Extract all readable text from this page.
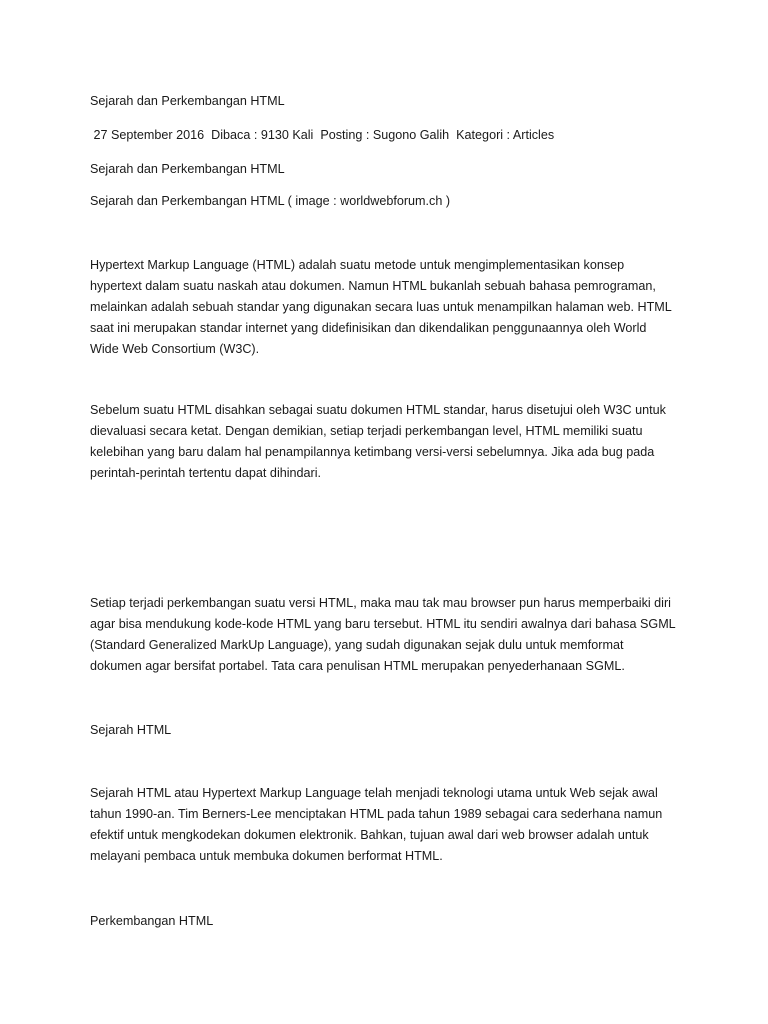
Sejarah dan Perkembangan HTML

27 September 2016  Dibaca : 9130 Kali  Posting : Sugono Galih  Kategori : Articles

Sejarah dan Perkembangan HTML

Sejarah dan Perkembangan HTML ( image : worldwebforum.ch )

Hypertext Markup Language (HTML) adalah suatu metode untuk mengimplementasikan konsep
hypertext dalam suatu naskah atau dokumen. Namun HTML bukanlah sebuah bahasa pemrograman,
melainkan adalah sebuah standar yang digunakan secara luas untuk menampilkan halaman web. HTML
saat ini merupakan standar internet yang didefinisikan dan dikendalikan penggunaannya oleh World
Wide Web Consortium (W3C).
Sebelum suatu HTML disahkan sebagai suatu dokumen HTML standar, harus disetujui oleh W3C untuk
dievaluasi secara ketat. Dengan demikian, setiap terjadi perkembangan level, HTML memiliki suatu
kelebihan yang baru dalam hal penampilannya ketimbang versi-versi sebelumnya. Jika ada bug pada
perintah-perintah tertentu dapat dihindari.
Setiap terjadi perkembangan suatu versi HTML, maka mau tak mau browser pun harus memperbaiki diri
agar bisa mendukung kode-kode HTML yang baru tersebut. HTML itu sendiri awalnya dari bahasa SGML
(Standard Generalized MarkUp Language), yang sudah digunakan sejak dulu untuk memformat
dokumen agar bersifat portabel. Tata cara penulisan HTML merupakan penyederhanaan SGML.

Sejarah HTML

Sejarah HTML atau Hypertext Markup Language telah menjadi teknologi utama untuk Web sejak awal
tahun 1990-an. Tim Berners-Lee menciptakan HTML pada tahun 1989 sebagai cara sederhana namun
efektif untuk mengkodekan dokumen elektronik. Bahkan, tujuan awal dari web browser adalah untuk
melayani pembaca untuk membuka dokumen berformat HTML.

Perkembangan HTML
